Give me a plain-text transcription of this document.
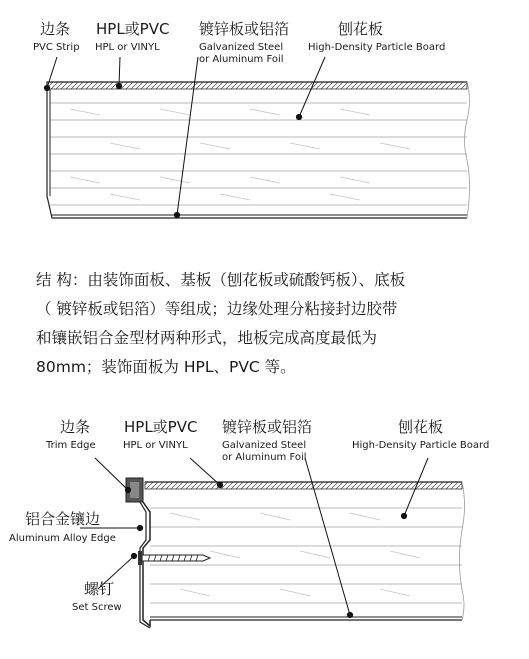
边条
PVC Strip
HPL或PVC
HPL or VINYL
镀锌板或铝箔
Galvanized Steel
or Aluminum Foil
刨花板
High-Density Particle Board
结 构：由装饰面板、基板（刨花板或硫酸钙板）、底板
（ 镀锌板或铝箔）等组成；边缘处理分粘接封边胶带
和镶嵌铝合金型材两种形式，地板完成高度最低为
80mm；装饰面板为 HPL、PVC 等。
边条
Trim Edge
HPL或PVC
HPL or VINYL
镀锌板或铝箔
Galvanized Steel
or Aluminum Foil
刨花板
High-Density Particle Board
铝合金镶边
Aluminum Alloy Edge
螺钉
Set Screw
